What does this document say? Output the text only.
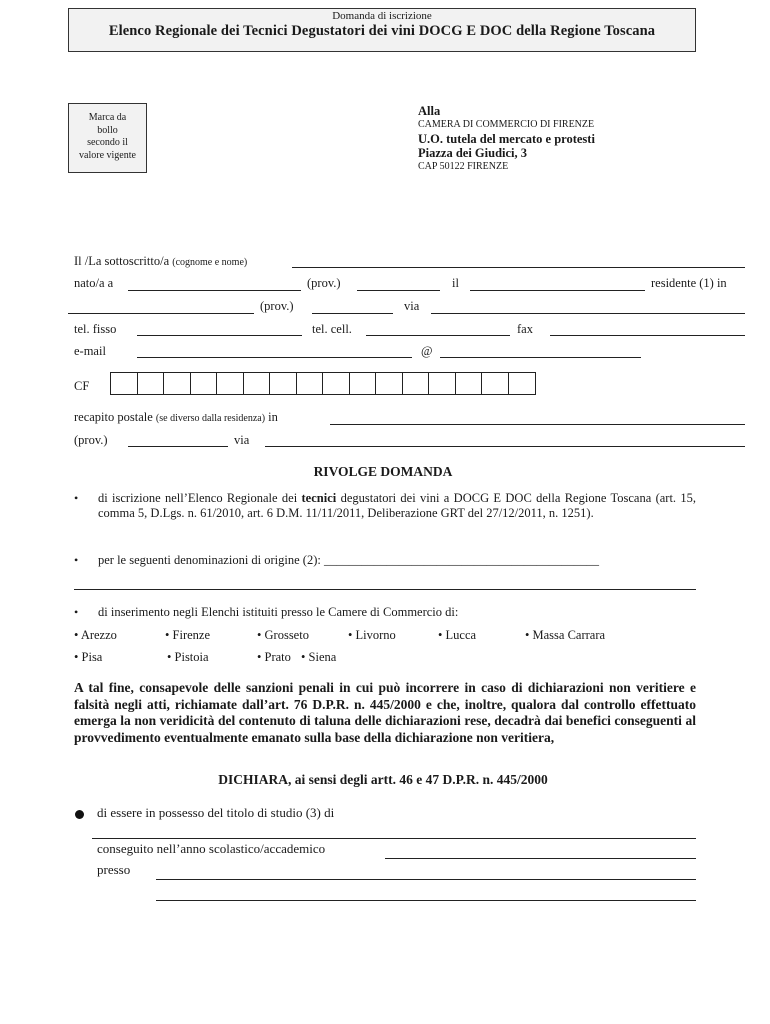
Domanda di iscrizione
Elenco Regionale dei Tecnici Degustatori dei vini DOCG E DOC della Regione Toscana
Marca da
bollo
secondo il
valore vigente
Alla
CAMERA DI COMMERCIO DI FIRENZE
U.O. tutela del mercato e protesti
Piazza dei Giudici, 3
CAP 50122 FIRENZE
Il /La sottoscritto/a (cognome e nome)
nato/a a	(prov.)	il	residente (1) in
(prov.)	via
tel. fisso	tel. cell.	fax
e-mail	@
CF
recapito postale (se diverso dalla residenza) in
(prov.)	via
RIVOLGE DOMANDA
• di iscrizione nell’Elenco Regionale dei tecnici degustatori dei vini a DOCG E DOC della Regione Toscana (art. 15, comma 5, D.Lgs. n. 61/2010, art. 6 D.M. 11/11/2011, Deliberazione GRT del 27/12/2011, n. 1251).
• per le seguenti denominazioni di origine (2): ____________________________________________
• di inserimento negli Elenchi istituiti presso le Camere di Commercio di:
• Arezzo	• Firenze	• Grosseto	• Livorno	• Lucca	• Massa Carrara
• Pisa	• Pistoia	• Prato • Siena
A tal fine, consapevole delle sanzioni penali in cui può incorrere in caso di dichiarazioni non veritiere e falsità negli atti, richiamate dall’art. 76 D.P.R. n. 445/2000 e che, inoltre, qualora dal controllo effettuato emerga la non veridicità del contenuto di taluna delle dichiarazioni rese, decadrà dai benefici conseguenti al provvedimento eventualmente emanato sulla base della dichiarazione non veritiera,
DICHIARA, ai sensi degli artt. 46 e 47 D.P.R. n. 445/2000
di essere in possesso del titolo di studio (3) di
conseguito nell’anno scolastico/accademico
presso
